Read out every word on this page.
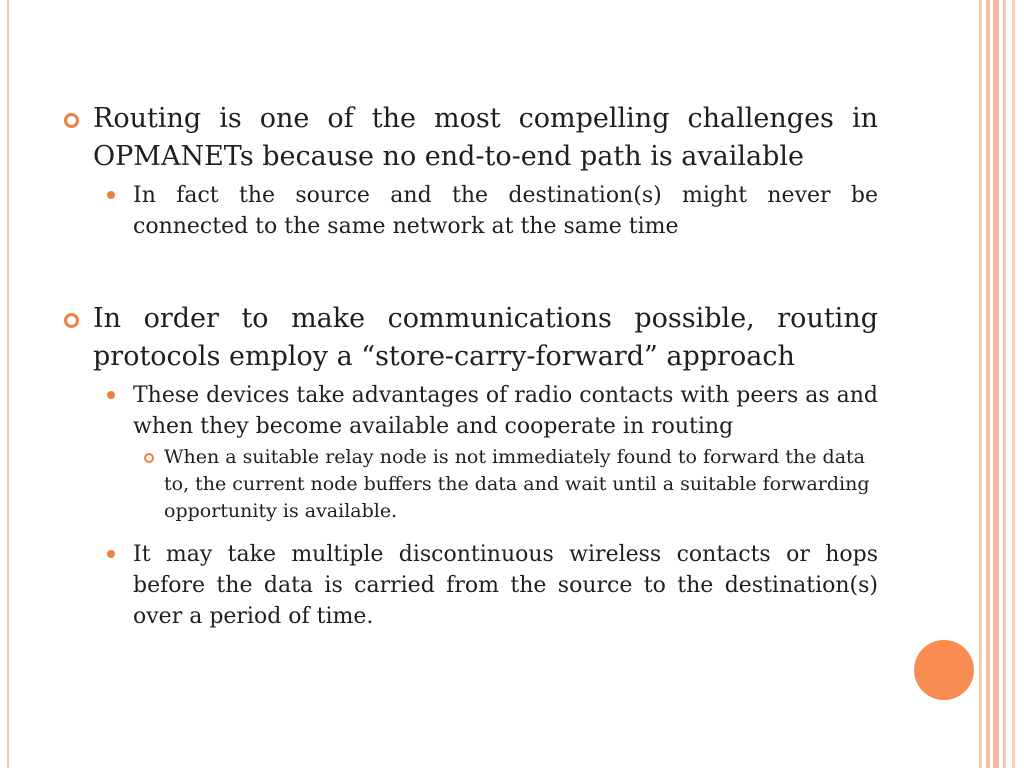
Routing is one of the most compelling challenges in OPMANETs because no end-to-end path is available
In fact the source and the destination(s) might never be connected to the same network at the same time
In order to make communications possible, routing protocols employ a “store-carry-forward” approach
These devices take advantages of radio contacts with peers as and when they become available and cooperate in routing
When a suitable relay node is not immediately found to forward the data to, the current node buffers the data and wait until a suitable forwarding opportunity is available.
It may take multiple discontinuous wireless contacts or hops before the data is carried from the source to the destination(s) over a period of time.
